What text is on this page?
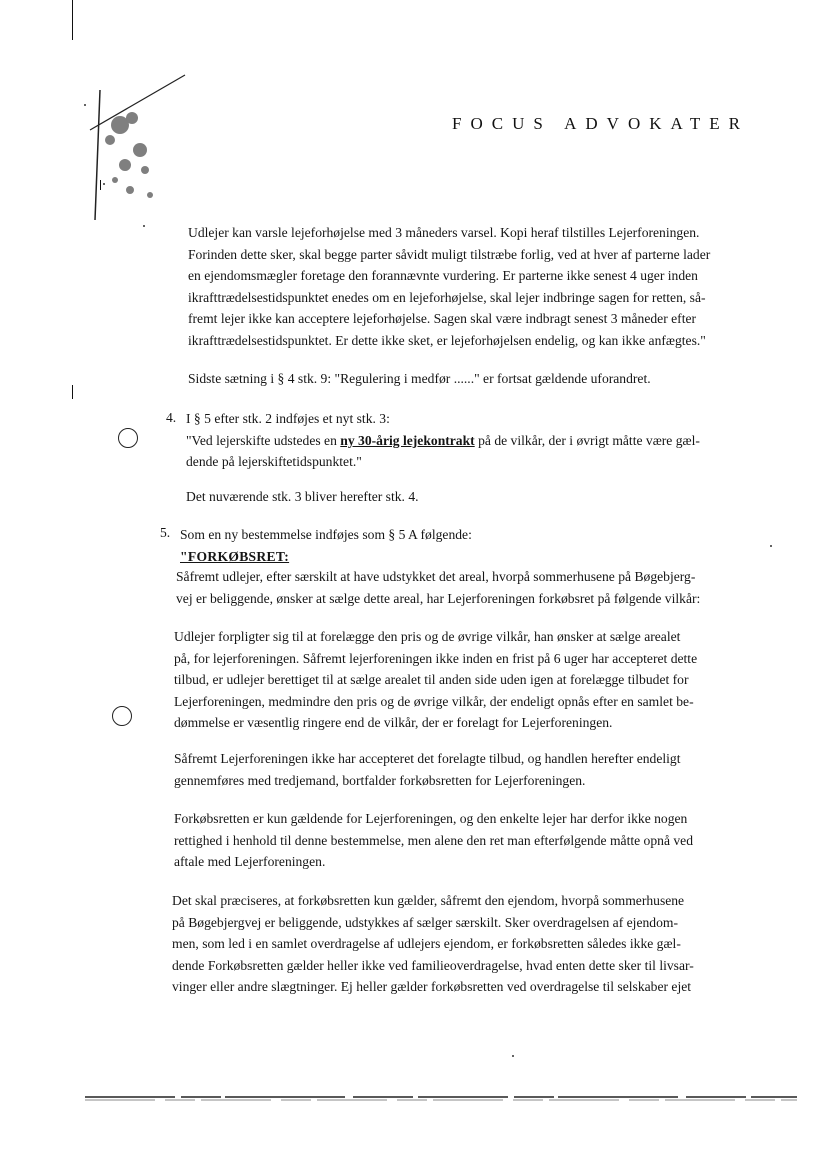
FOCUS ADVOKATER
Udlejer kan varsle lejeforhøjelse med 3 måneders varsel. Kopi heraf tilstilles Lejerforeningen.
Forinden dette sker, skal begge parter såvidt muligt tilstræbe forlig, ved at hver af parterne lader
en ejendomsmægler foretage den forannævnte vurdering. Er parterne ikke senest 4 uger inden
ikrafttrædelsestidspunktet enedes om en lejeforhøjelse, skal lejer indbringe sagen for retten, så-
fremt lejer ikke kan acceptere lejeforhøjelse. Sagen skal være indbragt senest 3 måneder efter
ikrafttrædelsestidspunktet. Er dette ikke sket, er lejeforhøjelsen endelig, og kan ikke anfægtes."
Sidste sætning i § 4 stk. 9: "Regulering i medfør ......" er fortsat gældende uforandret.
4. I § 5 efter stk. 2 indføjes et nyt stk. 3:
"Ved lejerskifte udstedes en ny 30-årig lejekontrakt på de vilkår, der i øvrigt måtte være gæl-
dende på lejerskiftetidspunktet."
Det nuværende stk. 3 bliver herefter stk. 4.
5. Som en ny bestemmelse indføjes som § 5 A følgende:
"FORKØBSRET:
Såfremt udlejer, efter særskilt at have udstykket det areal, hvorpå sommerhusene på Bøgebjerg-
vej er beliggende, ønsker at sælge dette areal, har Lejerforeningen forkøbsret på følgende vilkår:
Udlejer forpligter sig til at forelægge den pris og de øvrige vilkår, han ønsker at sælge arealet
på, for lejerforeningen. Såfremt lejerforeningen ikke inden en frist på 6 uger har accepteret dette
tilbud, er udlejer berettiget til at sælge arealet til anden side uden igen at forelægge tilbudet for
Lejerforeningen, medmindre den pris og de øvrige vilkår, der endeligt opnås efter en samlet be-
dømmelse er væsentlig ringere end de vilkår, der er forelagt for Lejerforeningen.
Såfremt Lejerforeningen ikke har accepteret det forelagte tilbud, og handlen herefter endeligt
gennemføres med tredjemand, bortfalder forkøbsretten for Lejerforeningen.
Forkøbsretten er kun gældende for Lejerforeningen, og den enkelte lejer har derfor ikke nogen
rettighed i henhold til denne bestemmelse, men alene den ret man efterfølgende måtte opnå ved
aftale med Lejerforeningen.
Det skal præciseres, at forkøbsretten kun gælder, såfremt den ejendom, hvorpå sommerhusene
på Bøgebjergvej er beliggende, udstykkes af sælger særskilt. Sker overdragelsen af ejendom-
men, som led i en samlet overdragelse af udlejers ejendom, er forkøbsretten således ikke gæl-
dende Forkøbsretten gælder heller ikke ved familieoverdragelse, hvad enten dette sker til livsar-
vinger eller andre slægtninger. Ej heller gælder forkøbsretten ved overdragelse til selskaber ejet
